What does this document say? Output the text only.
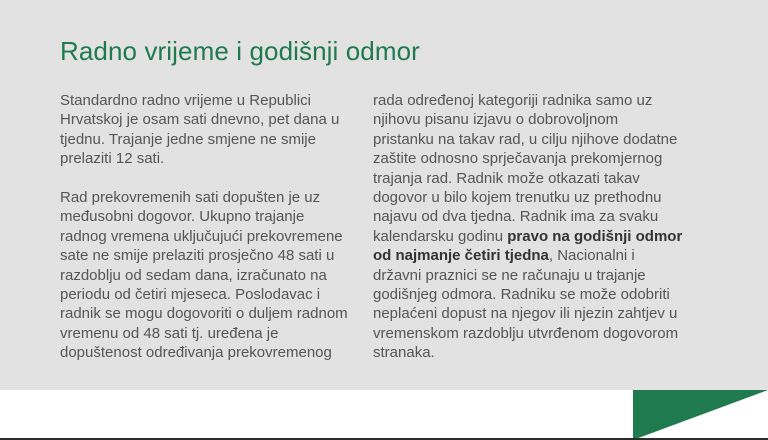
Radno vrijeme i godišnji odmor

Standardno radno vrijeme u Republici Hrvatskoj je osam sati dnevno, pet dana u tjednu. Trajanje jedne smjene ne smije prelaziti 12 sati.

Rad prekovremenih sati dopušten je uz međusobni dogovor. Ukupno trajanje radnog vremena uključujući prekovremene sate ne smije prelaziti prosječno 48 sati u razdoblju od sedam dana, izračunato na periodu od četiri mjeseca. Poslodavac i radnik se mogu dogovoriti o duljem radnom vremenu od 48 sati tj. uređena je dopuštenost određivanja prekovremenog

rada određenoj kategoriji radnika samo uz njihovu pisanu izjavu o dobrovoljnom pristanku na takav rad, u cilju njihove dodatne zaštite odnosno sprječavanja prekomjernog trajanja rad. Radnik može otkazati takav dogovor u bilo kojem trenutku uz prethodnu najavu od dva tjedna. Radnik ima za svaku kalendarsku godinu pravo na godišnji odmor od najmanje četiri tjedna, Nacionalni i državni praznici se ne računaju u trajanje godišnjeg odmora. Radniku se može odobriti neplaćeni dopust na njegov ili njezin zahtjev u vremenskom razdoblju utvrđenom dogovorom stranaka.
